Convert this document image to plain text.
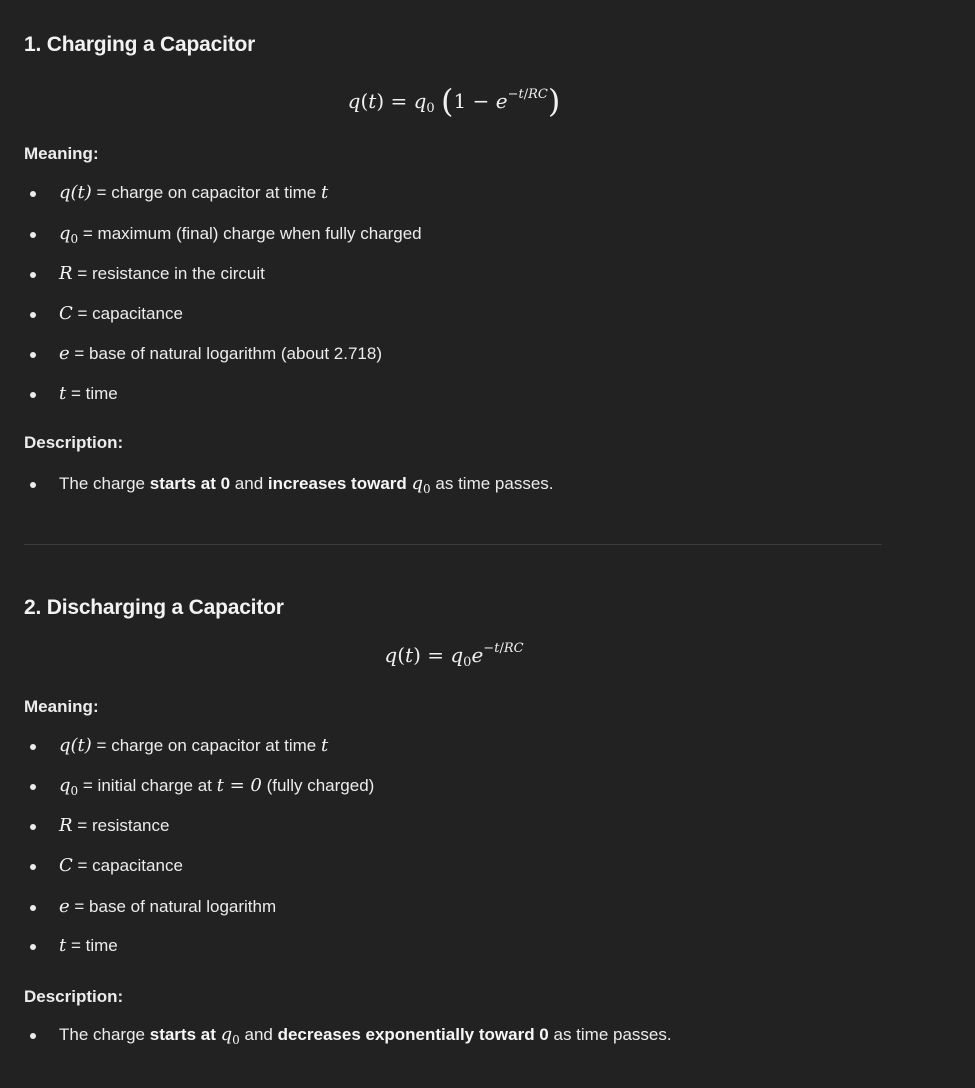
1. Charging a Capacitor
$q(t) = q_0$ $(1 - e^{-t/RC})$
Meaning:
q(t) = charge on capacitor at time t
$q_0$ = maximum (final) charge when fully charged
R = resistance in the circuit
C = capacitance
e = base of natural logarithm (about 2.718)
t = time
Description:
The charge starts at 0 and increases toward $q_0$ as time passes.
2. Discharging a Capacitor
$q(t) = q_0e^{-t/RC}$
Meaning:
q(t) = charge on capacitor at time t
$q_0$ = initial charge at t = 0 (fully charged)
R = resistance
C = capacitance
e = base of natural logarithm
t = time
Description:
The charge starts at $q_0$ and decreases exponentially toward 0 as time passes.
